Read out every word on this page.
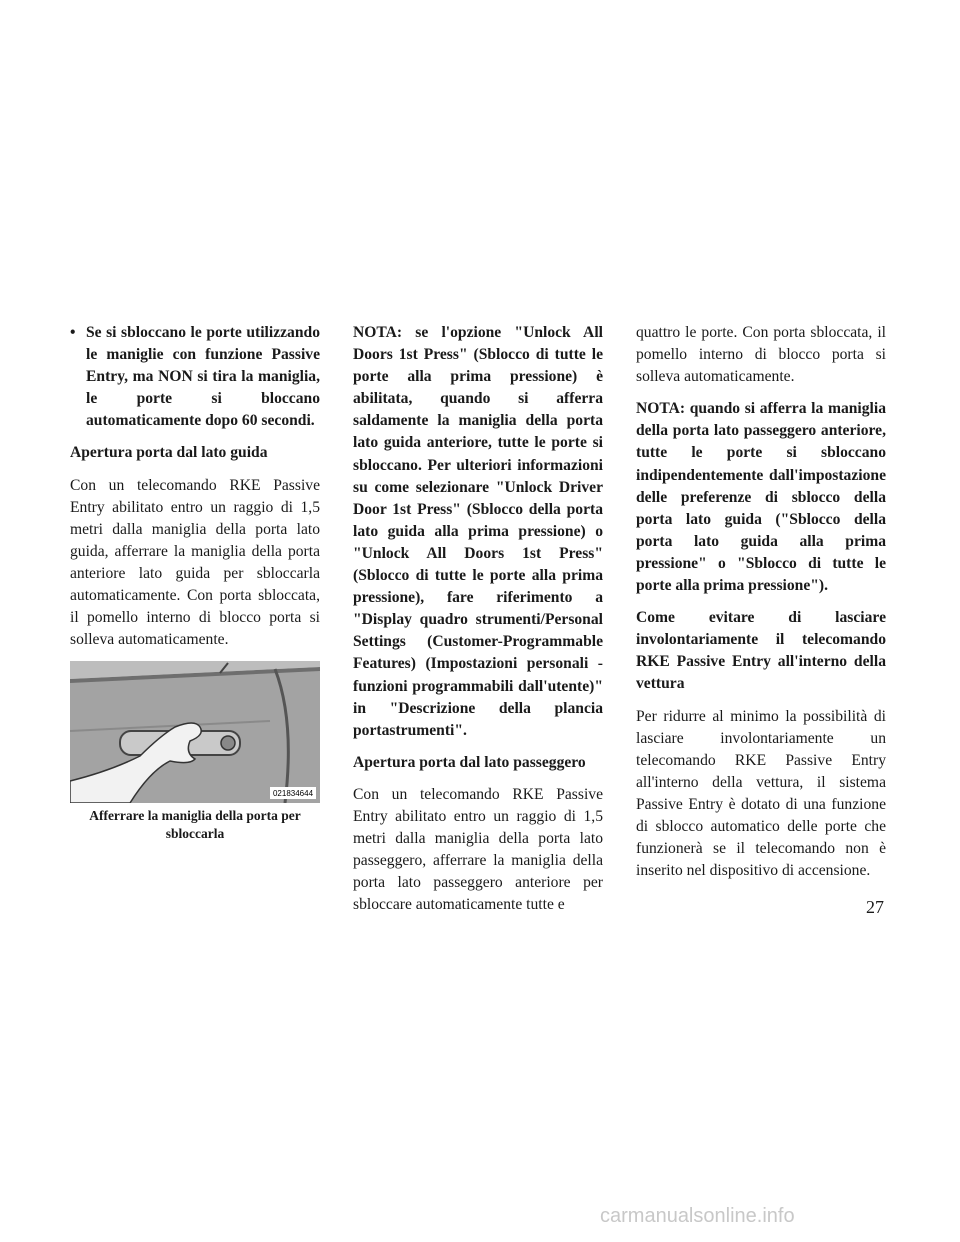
• Se si sbloccano le porte utilizzando le maniglie con funzione Passive Entry, ma NON si tira la maniglia, le porte si bloccano automaticamente dopo 60 secondi.

Apertura porta dal lato guida

Con un telecomando RKE Passive Entry abilitato entro un raggio di 1,5 metri dalla maniglia della porta lato guida, afferrare la maniglia della porta anteriore lato guida per sbloccarla automaticamente. Con porta sbloccata, il pomello interno di blocco porta si solleva automaticamente.

021834644
Afferrare la maniglia della porta per sbloccarla

NOTA: se l'opzione "Unlock All Doors 1st Press" (Sblocco di tutte le porte alla prima pressione) è abilitata, quando si afferra saldamente la maniglia della porta lato guida anteriore, tutte le porte si sbloccano. Per ulteriori informazioni su come selezionare "Unlock Driver Door 1st Press" (Sblocco della porta lato guida alla prima pressione) o "Unlock All Doors 1st Press" (Sblocco di tutte le porte alla prima pressione), fare riferimento a "Display quadro strumenti/Personal Settings (Customer-Programmable Features) (Impostazioni personali - funzioni programmabili dall'utente)" in "Descrizione della plancia portastrumenti".

Apertura porta dal lato passeggero

Con un telecomando RKE Passive Entry abilitato entro un raggio di 1,5 metri dalla maniglia della porta lato passeggero, afferrare la maniglia della porta lato passeggero anteriore per sbloccare automaticamente tutte e

quattro le porte. Con porta sbloccata, il pomello interno di blocco porta si solleva automaticamente.

NOTA: quando si afferra la maniglia della porta lato passeggero anteriore, tutte le porte si sbloccano indipendentemente dall'impostazione delle preferenze di sblocco della porta lato guida ("Sblocco della porta lato guida alla prima pressione" o "Sblocco di tutte le porte alla prima pressione").

Come evitare di lasciare involontariamente il telecomando RKE Passive Entry all'interno della vettura

Per ridurre al minimo la possibilità di lasciare involontariamente un telecomando RKE Passive Entry all'interno della vettura, il sistema Passive Entry è dotato di una funzione di sblocco automatico delle porte che funzionerà se il telecomando non è inserito nel dispositivo di accensione.

27
carmanualsonline.info
